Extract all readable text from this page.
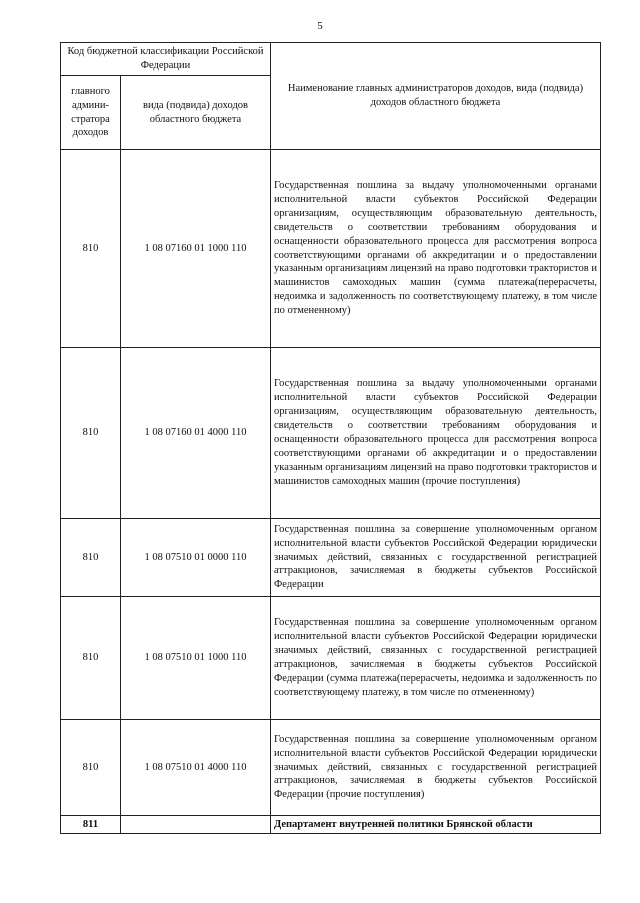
5
Код бюджетной классификации Российской Федерации		Наименование главных администраторов доходов, вида (подвида) доходов областного бюджета
главного админи-стратора доходов	вида (подвида) доходов областного бюджета	
810	1 08 07160 01 1000 110	Государственная пошлина за выдачу уполномоченными органами исполнительной власти субъектов Российской Федерации организациям, осуществляющим образовательную деятельность, свидетельств о соответствии требованиям оборудования и оснащенности образовательного процесса для рассмотрения вопроса соответствующими органами об аккредитации и о предоставлении указанным организациям лицензий на право подготовки трактористов и машинистов самоходных машин (сумма платежа(перерасчеты, недоимка и задолженность по соответствующему платежу, в том числе по отмененному)
810	1 08 07160 01 4000 110	Государственная пошлина за выдачу уполномоченными органами исполнительной власти субъектов Российской Федерации организациям, осуществляющим образовательную деятельность, свидетельств о соответствии требованиям оборудования и оснащенности образовательного процесса для рассмотрения вопроса соответствующими органами об аккредитации и о предоставлении указанным организациям лицензий на право подготовки трактористов и машинистов самоходных машин (прочие поступления)
810	1 08 07510 01 0000 110	Государственная пошлина за совершение уполномоченным органом исполнительной власти субъектов Российской Федерации юридически значимых действий, связанных с государственной регистрацией аттракционов, зачисляемая в бюджеты субъектов Российской Федерации
810	1 08 07510 01 1000 110	Государственная пошлина за совершение уполномоченным органом исполнительной власти субъектов Российской Федерации юридически значимых действий, связанных с государственной регистрацией аттракционов, зачисляемая в бюджеты субъектов Российской Федерации (сумма платежа(перерасчеты, недоимка и задолженность по соответствующему платежу, в том числе по отмененному)
810	1 08 07510 01 4000 110	Государственная пошлина за совершение уполномоченным органом исполнительной власти субъектов Российской Федерации юридически значимых действий, связанных с государственной регистрацией аттракционов, зачисляемая в бюджеты субъектов Российской Федерации (прочие поступления)
811		Департамент внутренней политики Брянской области
